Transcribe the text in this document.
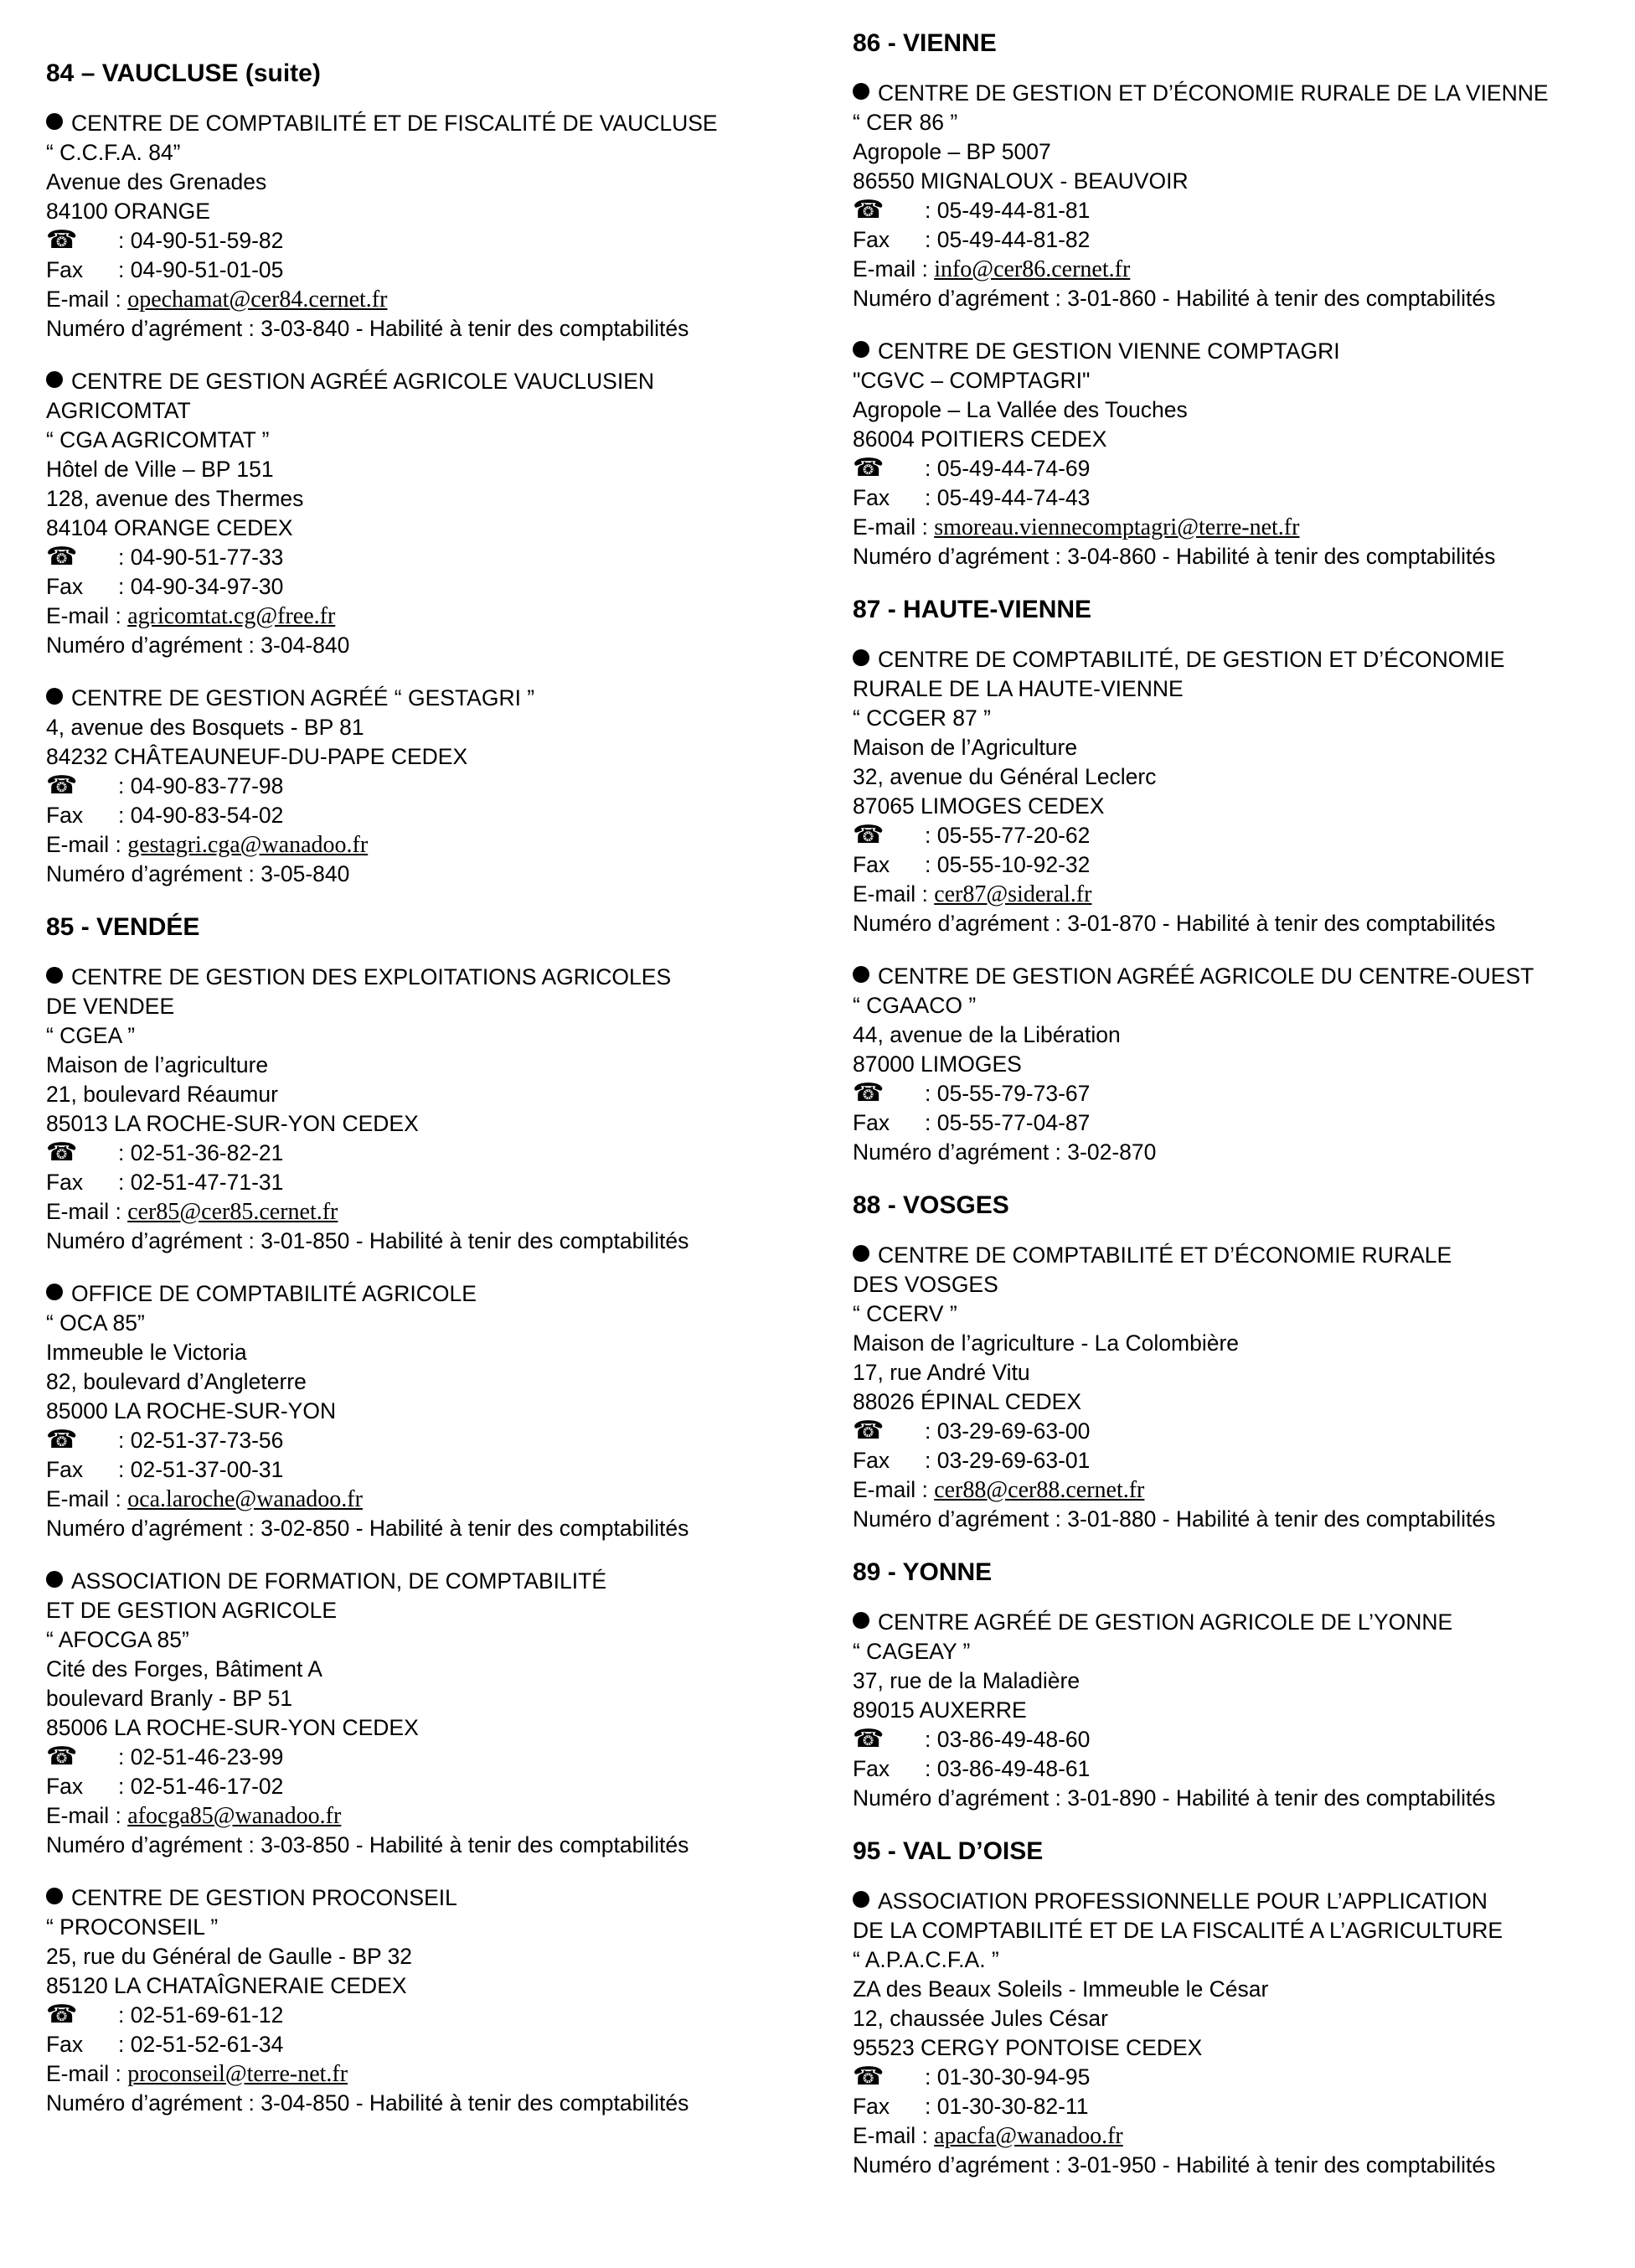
84 – VAUCLUSE (suite)
CENTRE DE COMPTABILITÉ ET DE FISCALITÉ DE VAUCLUSE
“ C.C.F.A. 84”
Avenue des Grenades
84100 ORANGE
☎ : 04-90-51-59-82
Fax : 04-90-51-01-05
E-mail : opechamat@cer84.cernet.fr
Numéro d’agrément : 3-03-840 - Habilité à tenir des comptabilités
CENTRE DE GESTION AGRÉÉ AGRICOLE VAUCLUSIEN
AGRICOMTAT
“ CGA AGRICOMTAT ”
Hôtel de Ville – BP 151
128, avenue des Thermes
84104 ORANGE CEDEX
☎ : 04-90-51-77-33
Fax : 04-90-34-97-30
E-mail : agricomtat.cg@free.fr
Numéro d’agrément : 3-04-840
CENTRE DE GESTION AGRÉÉ “ GESTAGRI ”
4, avenue des Bosquets - BP 81
84232 CHÂTEAUNEUF-DU-PAPE CEDEX
☎ : 04-90-83-77-98
Fax : 04-90-83-54-02
E-mail : gestagri.cga@wanadoo.fr
Numéro d’agrément : 3-05-840
85 - VENDÉE
CENTRE DE GESTION DES EXPLOITATIONS AGRICOLES
DE VENDEE
“ CGEA ”
Maison de l’agriculture
21, boulevard Réaumur
85013 LA ROCHE-SUR-YON CEDEX
☎ : 02-51-36-82-21
Fax : 02-51-47-71-31
E-mail : cer85@cer85.cernet.fr
Numéro d’agrément : 3-01-850 - Habilité à tenir des comptabilités
OFFICE DE COMPTABILITÉ AGRICOLE
“ OCA 85”
Immeuble le Victoria
82, boulevard d’Angleterre
85000 LA ROCHE-SUR-YON
☎ : 02-51-37-73-56
Fax : 02-51-37-00-31
E-mail : oca.laroche@wanadoo.fr
Numéro d’agrément : 3-02-850 - Habilité à tenir des comptabilités
ASSOCIATION DE FORMATION, DE COMPTABILITÉ
ET DE GESTION AGRICOLE
“ AFOCGA 85”
Cité des Forges, Bâtiment A
boulevard Branly - BP 51
85006 LA ROCHE-SUR-YON CEDEX
☎ : 02-51-46-23-99
Fax : 02-51-46-17-02
E-mail : afocga85@wanadoo.fr
Numéro d’agrément : 3-03-850 - Habilité à tenir des comptabilités
CENTRE DE GESTION PROCONSEIL
“ PROCONSEIL ”
25, rue du Général de Gaulle - BP 32
85120 LA CHATAÎGNERAIE CEDEX
☎ : 02-51-69-61-12
Fax : 02-51-52-61-34
E-mail : proconseil@terre-net.fr
Numéro d’agrément : 3-04-850 - Habilité à tenir des comptabilités
86 - VIENNE
CENTRE DE GESTION ET D’ÉCONOMIE RURALE DE LA VIENNE
“ CER 86 ”
Agropole – BP 5007
86550 MIGNALOUX - BEAUVOIR
☎ : 05-49-44-81-81
Fax : 05-49-44-81-82
E-mail : info@cer86.cernet.fr
Numéro d’agrément : 3-01-860 - Habilité à tenir des comptabilités
CENTRE DE GESTION VIENNE COMPTAGRI
"CGVC – COMPTAGRI"
Agropole – La Vallée des Touches
86004 POITIERS CEDEX
☎ : 05-49-44-74-69
Fax : 05-49-44-74-43
E-mail : smoreau.viennecomptagri@terre-net.fr
Numéro d’agrément : 3-04-860 - Habilité à tenir des comptabilités
87 - HAUTE-VIENNE
CENTRE DE COMPTABILITÉ, DE GESTION ET D’ÉCONOMIE
RURALE DE LA HAUTE-VIENNE
“ CCGER 87 ”
Maison de l’Agriculture
32, avenue du Général Leclerc
87065 LIMOGES CEDEX
☎ : 05-55-77-20-62
Fax : 05-55-10-92-32
E-mail : cer87@sideral.fr
Numéro d’agrément : 3-01-870 - Habilité à tenir des comptabilités
CENTRE DE GESTION AGRÉÉ AGRICOLE DU CENTRE-OUEST
“ CGAACO ”
44, avenue de la Libération
87000 LIMOGES
☎ : 05-55-79-73-67
Fax : 05-55-77-04-87
Numéro d’agrément : 3-02-870
88 - VOSGES
CENTRE DE COMPTABILITÉ ET D’ÉCONOMIE RURALE
DES VOSGES
“ CCERV ”
Maison de l’agriculture - La Colombière
17, rue André Vitu
88026 ÉPINAL CEDEX
☎ : 03-29-69-63-00
Fax : 03-29-69-63-01
E-mail : cer88@cer88.cernet.fr
Numéro d’agrément : 3-01-880 - Habilité à tenir des comptabilités
89 - YONNE
CENTRE AGRÉÉ DE GESTION AGRICOLE DE L’YONNE
“ CAGEAY ”
37, rue de la Maladière
89015 AUXERRE
☎ : 03-86-49-48-60
Fax : 03-86-49-48-61
Numéro d’agrément : 3-01-890 - Habilité à tenir des comptabilités
95 - VAL D’OISE
ASSOCIATION PROFESSIONNELLE POUR L’APPLICATION
DE LA COMPTABILITÉ ET DE LA FISCALITÉ A L’AGRICULTURE
“ A.P.A.C.F.A. ”
ZA des Beaux Soleils - Immeuble le César
12, chaussée Jules César
95523 CERGY PONTOISE CEDEX
☎ : 01-30-30-94-95
Fax : 01-30-30-82-11
E-mail : apacfa@wanadoo.fr
Numéro d’agrément : 3-01-950 - Habilité à tenir des comptabilités
